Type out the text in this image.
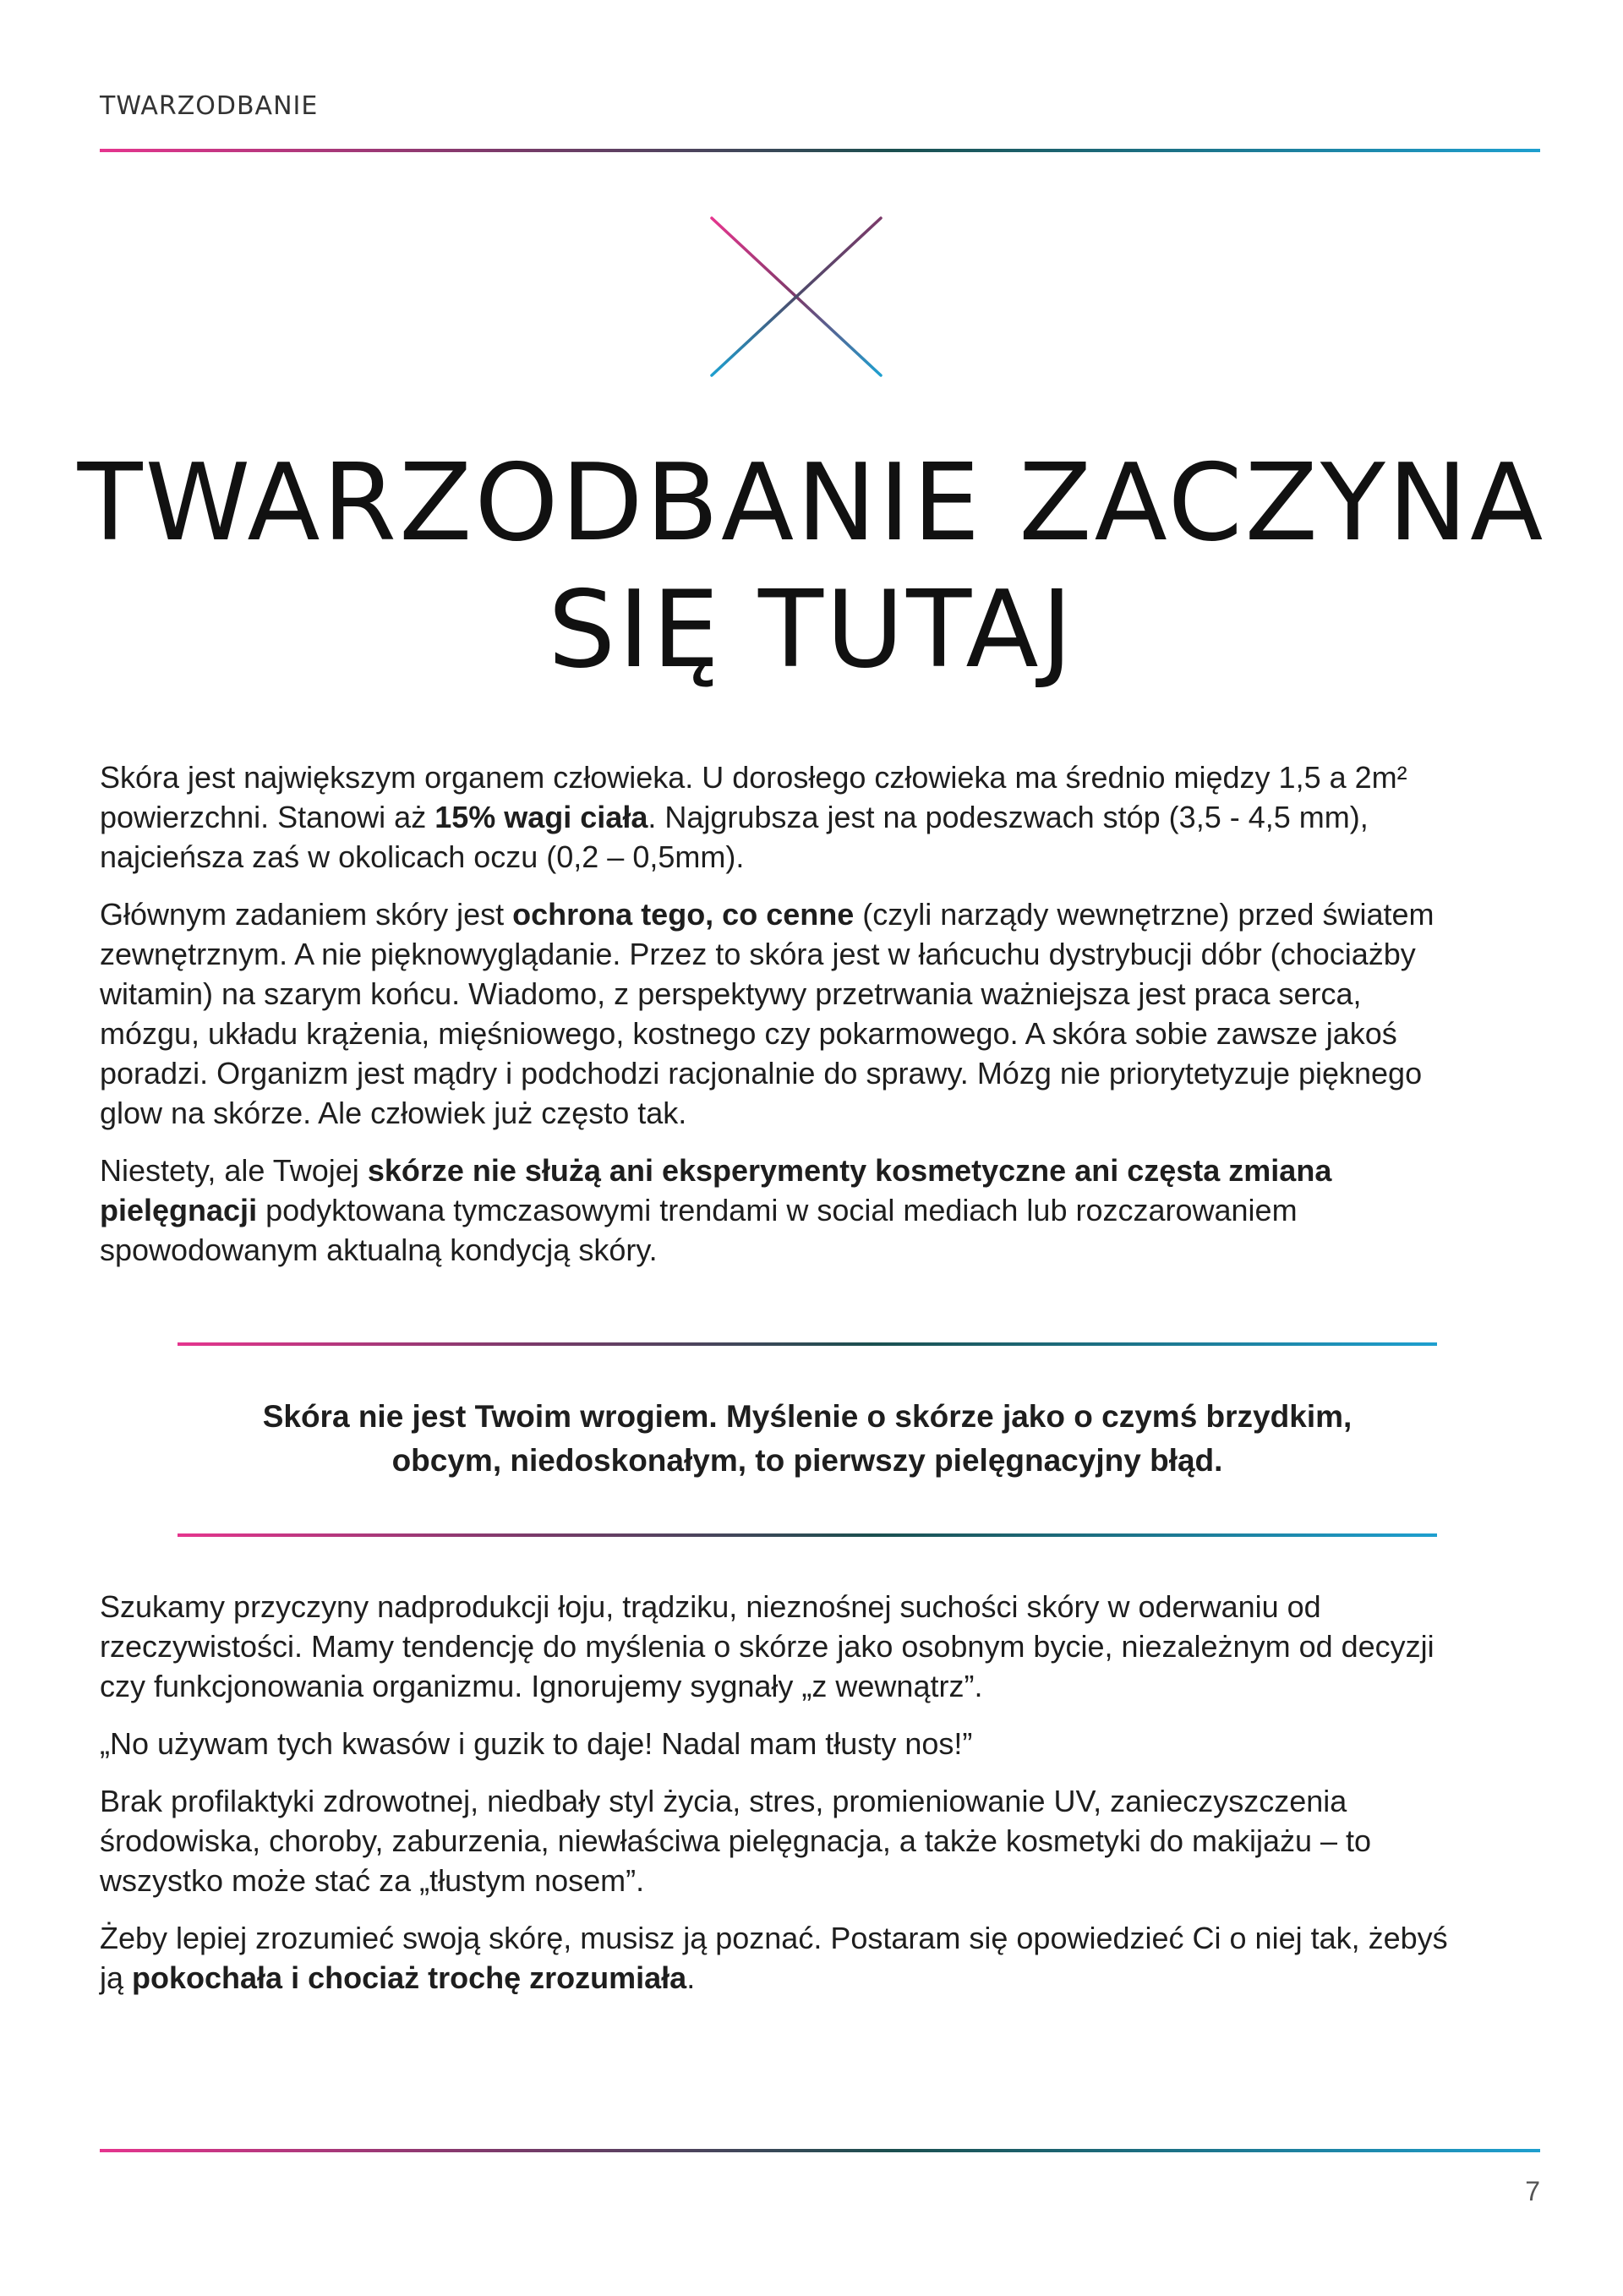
TWARZODBANIE
TWARZODBANIE ZACZYNA
SIĘ TUTAJ

Skóra jest największym organem człowieka. U dorosłego człowieka ma średnio między 1,5 a 2m² powierzchni. Stanowi aż 15% wagi ciała. Najgrubsza jest na podeszwach stóp (3,5 - 4,5 mm), najcieńsza zaś w okolicach oczu (0,2 – 0,5mm).

Głównym zadaniem skóry jest ochrona tego, co cenne (czyli narządy wewnętrzne) przed światem zewnętrznym. A nie pięknowyglądanie. Przez to skóra jest w łańcuchu dystrybucji dóbr (chociażby witamin) na szarym końcu. Wiadomo, z perspektywy przetrwania ważniejsza jest praca serca, mózgu, układu krążenia, mięśniowego, kostnego czy pokarmowego. A skóra sobie zawsze jakoś poradzi. Organizm jest mądry i podchodzi racjonalnie do sprawy. Mózg nie priorytetyzuje pięknego glow na skórze. Ale człowiek już często tak.

Niestety, ale Twojej skórze nie służą ani eksperymenty kosmetyczne ani częsta zmiana pielęgnacji podyktowana tymczasowymi trendami w social mediach lub rozczarowaniem spowodowanym aktualną kondycją skóry.

Skóra nie jest Twoim wrogiem. Myślenie o skórze jako o czymś brzydkim,
obcym, niedoskonałym, to pierwszy pielęgnacyjny błąd.

Szukamy przyczyny nadprodukcji łoju, trądziku, nieznośnej suchości skóry w oderwaniu od rzeczywistości. Mamy tendencję do myślenia o skórze jako osobnym bycie, niezależnym od decyzji czy funkcjonowania organizmu. Ignorujemy sygnały „z wewnątrz”.

„No używam tych kwasów i guzik to daje! Nadal mam tłusty nos!”

Brak profilaktyki zdrowotnej, niedbały styl życia, stres, promieniowanie UV, zanieczyszczenia środowiska, choroby, zaburzenia, niewłaściwa pielęgnacja, a także kosmetyki do makijażu – to wszystko może stać za „tłustym nosem”.

Żeby lepiej zrozumieć swoją skórę, musisz ją poznać. Postaram się opowiedzieć Ci o niej tak, żebyś ją pokochała i chociaż trochę zrozumiała.

7
